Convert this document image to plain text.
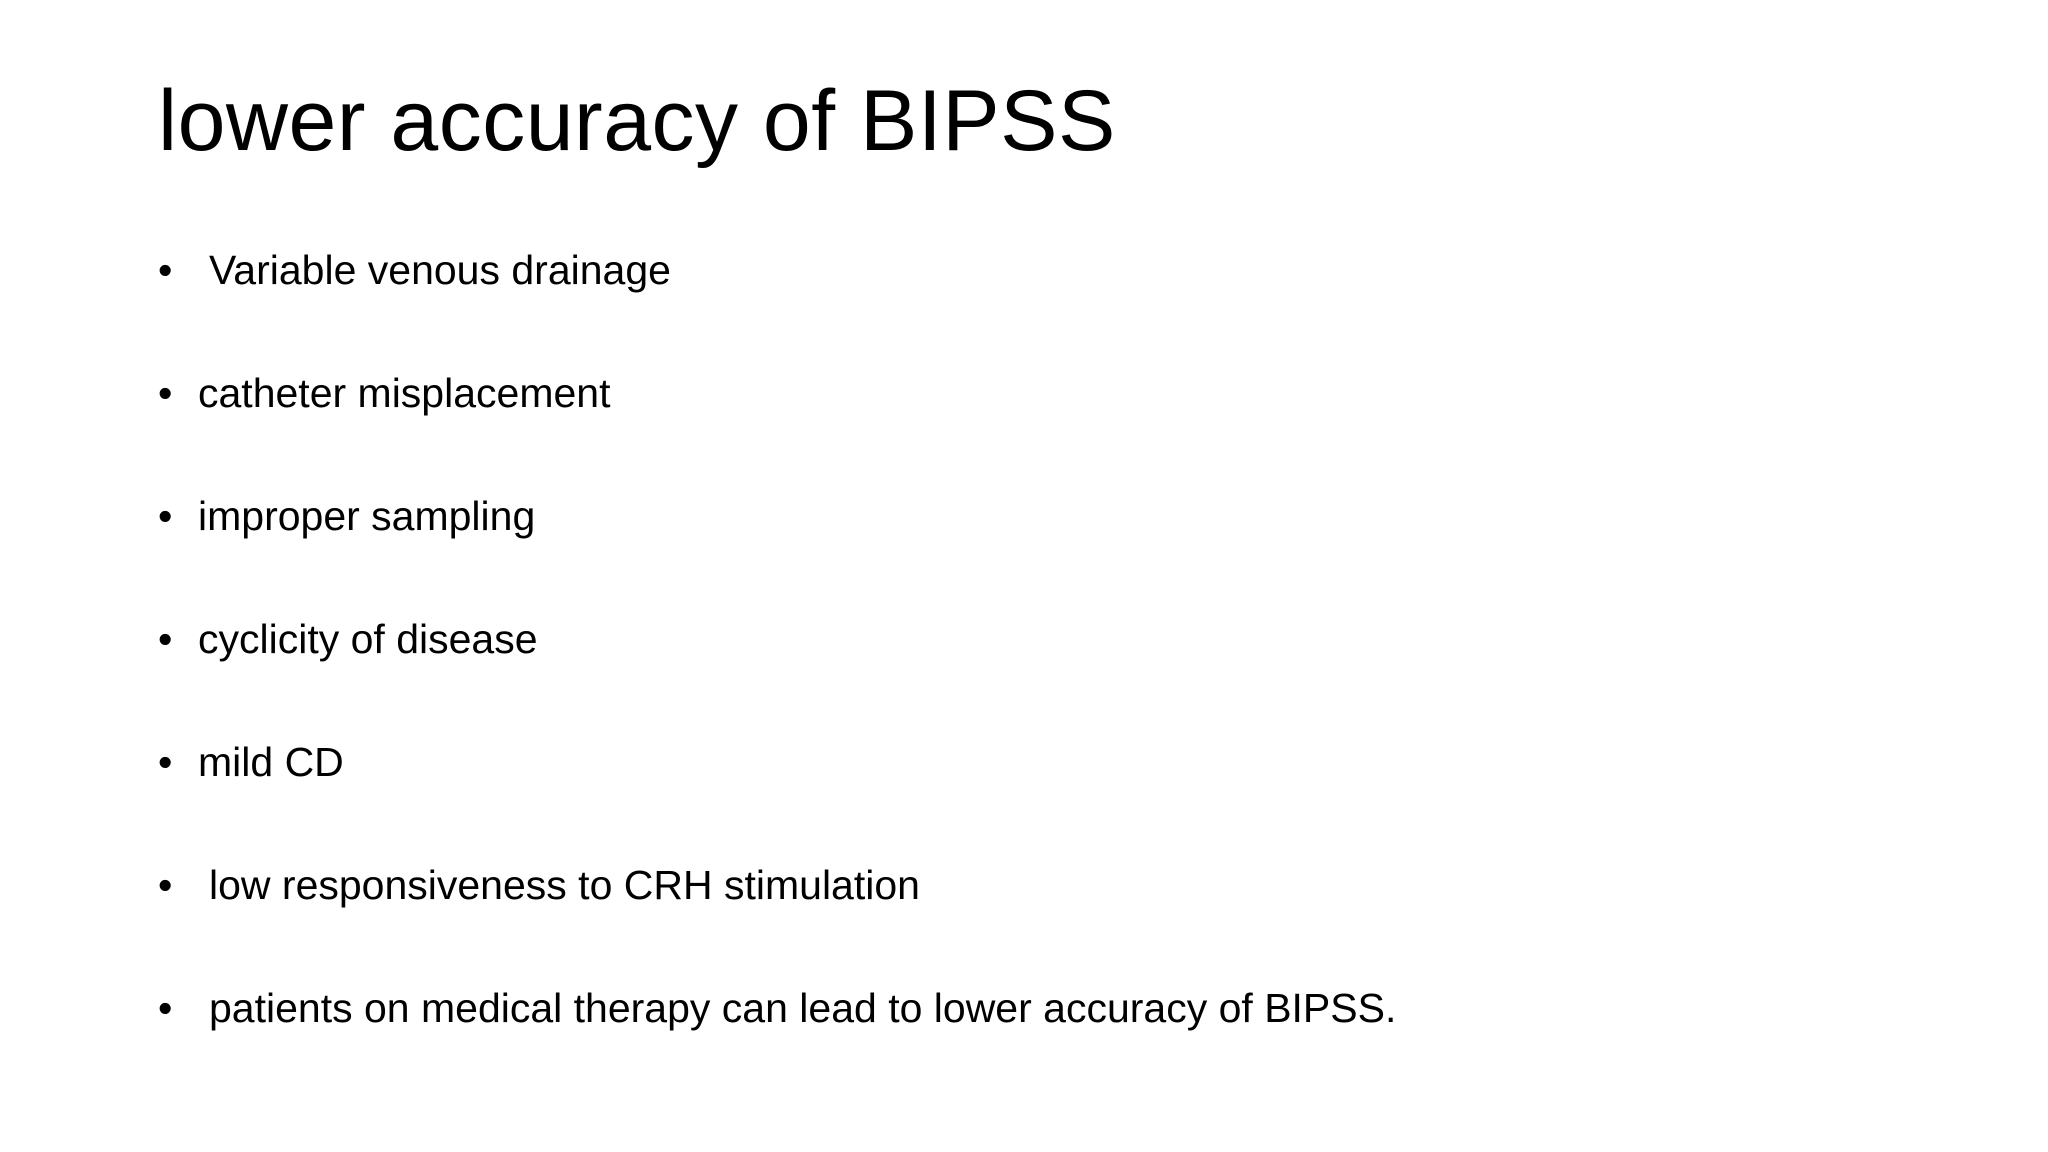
lower accuracy of BIPSS
• Variable venous drainage
• catheter misplacement
• improper sampling
• cyclicity of disease
• mild CD
• low responsiveness to CRH stimulation
• patients on medical therapy can lead to lower accuracy of BIPSS.
